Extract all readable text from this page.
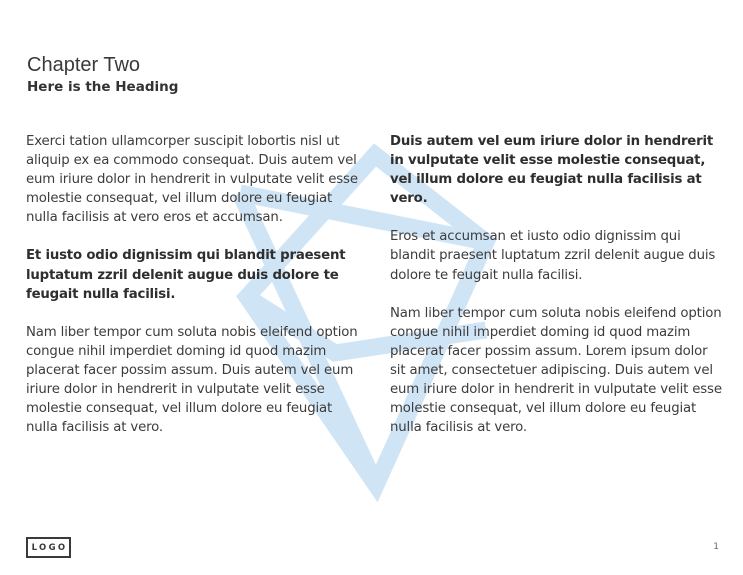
Chapter Two
Here is the Heading

Exerci tation ullamcorper suscipit lobortis nisl ut aliquip ex ea commodo consequat. Duis autem vel eum iriure dolor in hendrerit in vulputate velit esse molestie consequat, vel illum dolore eu feugiat nulla facilisis at vero eros et accumsan.

Et iusto odio dignissim qui blandit praesent luptatum zzril delenit augue duis dolore te feugait nulla facilisi.

Nam liber tempor cum soluta nobis eleifend option congue nihil imperdiet doming id quod mazim placerat facer possim assum. Duis autem vel eum iriure dolor in hendrerit in vulputate velit esse molestie consequat, vel illum dolore eu feugiat nulla facilisis at vero.

Duis autem vel eum iriure dolor in hendrerit in vulputate velit esse molestie consequat, vel illum dolore eu feugiat nulla facilisis at vero.

Eros et accumsan et iusto odio dignissim qui blandit praesent luptatum zzril delenit augue duis dolore te feugait nulla facilisi.

Nam liber tempor cum soluta nobis eleifend option congue nihil imperdiet doming id quod mazim placerat facer possim assum. Lorem ipsum dolor sit amet, consectetuer adipiscing. Duis autem vel eum iriure dolor in hendrerit in vulputate velit esse molestie consequat, vel illum dolore eu feugiat nulla facilisis at vero.

LOGO	1
